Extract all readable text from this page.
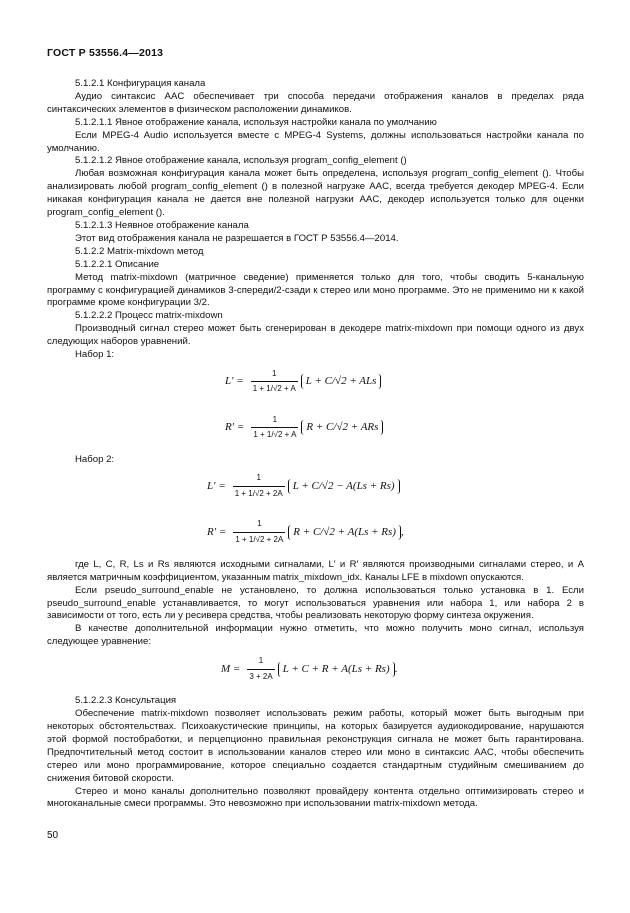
ГОСТ Р 53556.4—2013

5.1.2.1 Конфигурация канала

Аудио синтаксис AAC обеспечивает три способа передачи отображения каналов в пределах ряда синтаксических элементов в физическом расположении динамиков.

5.1.2.1.1 Явное отображение канала, используя настройки канала по умолчанию

Если MPEG-4 Audio используется вместе с MPEG-4 Systems, должны использоваться настройки канала по умолчанию.

5.1.2.1.2 Явное отображение канала, используя program_config_element ()

Любая возможная конфигурация канала может быть определена, используя program_config_element (). Чтобы анализировать любой program_config_element () в полезной нагрузке AAC, всегда требуется декодер MPEG-4. Если никакая конфигурация канала не дается вне полезной нагрузки AAC, декодер используется только для оценки program_config_element ().

5.1.2.1.3 Неявное отображение канала

Этот вид отображения канала не разрешается в ГОСТ Р 53556.4—2014.

5.1.2.2 Matrix-mixdown метод

5.1.2.2.1 Описание

Метод matrix-mixdown (матричное сведение) применяется только для того, чтобы сводить 5-канальную программу с конфигурацией динамиков 3-спереди/2-сзади к стерео или моно программе. Это не применимо ни к какой программе кроме конфигурации 3/2.

5.1.2.2.2 Процесс matrix-mixdown

Производный сигнал стерео может быть сгенерирован в декодере matrix-mixdown при помощи одного из двух следующих наборов уравнений.

Набор 1:

$L' = \frac{1}{1 + 1/√2 + A}$ L + C/√2 + ALs
$R' = \frac{1}{1 + 1/√2 + A}$ R + C/√2 + ARs

Набор 2:

$L' = \frac{1}{1 + 1/√2 + 2A}$ L + C/√2 − A(Ls + Rs)
$R' = \frac{1}{1 + 1/√2 + 2A}$ R + C/√2 + A(Ls + Rs) ,

где L, C, R, Ls и Rs являются исходными сигналами, L′ и R′ являются производными сигналами стерео, и A является матричным коэффициентом, указанным matrix_mixdown_idx. Каналы LFE в mixdown опускаются.

Если pseudo_surround_enable не установлено, то должна использоваться только установка в 1. Если pseudo_surround_enable устанавливается, то могут использоваться уравнения или набора 1, или набора 2 в зависимости от того, есть ли у ресивера средства, чтобы реализовать некоторую форму синтеза окружения.

В качестве дополнительной информации нужно отметить, что можно получить моно сигнал, используя следующее уравнение:

$M = \frac{1}{3 + 2A}$ L + C + R + A(Ls + Rs) .

5.1.2.2.3 Консультация

Обеспечение matrix-mixdown позволяет использовать режим работы, который может быть выгодным при некоторых обстоятельствах. Психоакустические принципы, на которых базируется аудиокодирование, нарушаются этой формой постобработки, и перцепционно правильная реконструкция сигнала не может быть гарантирована. Предпочтительный метод состоит в использовании каналов стерео или моно в синтаксис AAC, чтобы обеспечить стерео или моно программирование, которое специально создается стандартным студийным смешиванием до снижения битовой скорости.

Стерео и моно каналы дополнительно позволяют провайдеру контента отдельно оптимизировать стерео и многоканальные смеси программы. Это невозможно при использовании matrix-mixdown метода.

50
